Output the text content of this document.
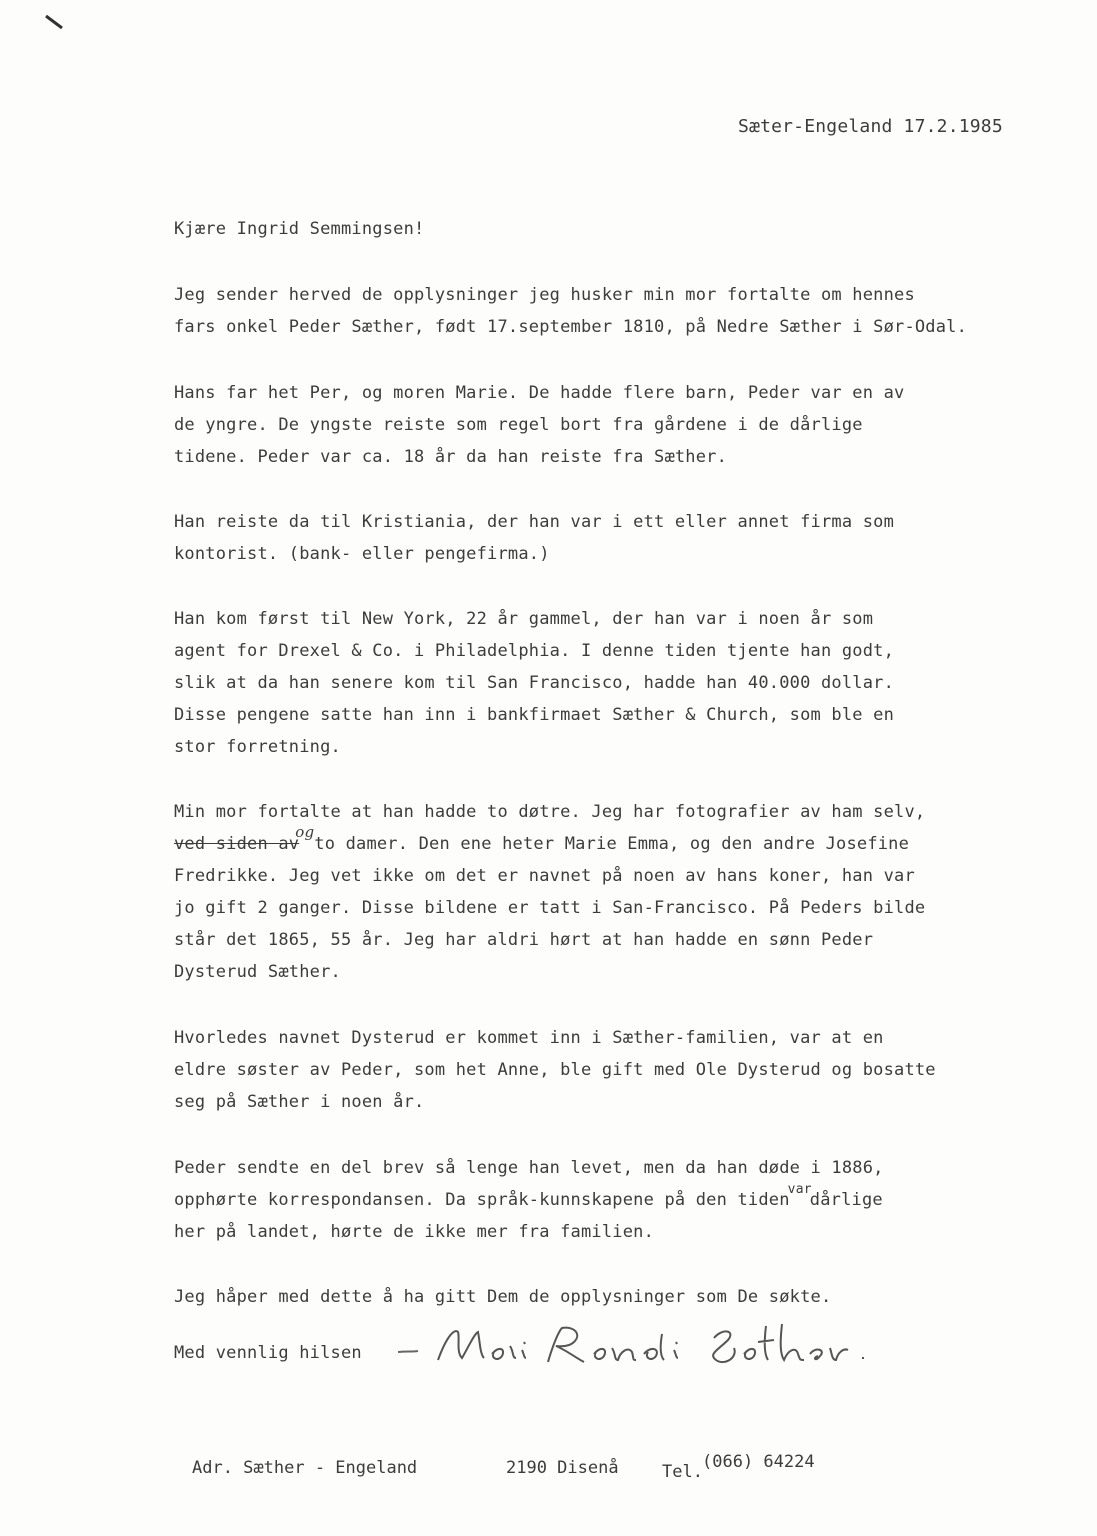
Sæter-Engeland 17.2.1985
Kjære Ingrid Semmingsen!
Jeg sender herved de opplysninger jeg husker min mor fortalte om hennes
fars onkel Peder Sæther, født 17.september 1810, på Nedre Sæther i Sør-Odal.
Hans far het Per, og moren Marie. De hadde flere barn, Peder var en av
de yngre. De yngste reiste som regel bort fra gårdene i de dårlige
tidene. Peder var ca. 18 år da han reiste fra Sæther.
Han reiste da til Kristiania, der han var i ett eller annet firma som
kontorist. (bank- eller pengefirma.)
Han kom først til New York, 22 år gammel, der han var i noen år som
agent for Drexel & Co. i Philadelphia. I denne tiden tjente han godt,
slik at da han senere kom til San Francisco, hadde han 40.000 dollar.
Disse pengene satte han inn i bankfirmaet Sæther & Church, som ble en
stor forretning.
Min mor fortalte at han hadde to døtre. Jeg har fotografier av ham selv,
ved siden avogto damer. Den ene heter Marie Emma, og den andre Josefine
Fredrikke. Jeg vet ikke om det er navnet på noen av hans koner, han var
jo gift 2 ganger. Disse bildene er tatt i San-Francisco. På Peders bilde
står det 1865, 55 år. Jeg har aldri hørt at han hadde en sønn Peder
Dysterud Sæther.
Hvorledes navnet Dysterud er kommet inn i Sæther-familien, var at en
eldre søster av Peder, som het Anne, ble gift med Ole Dysterud og bosatte
seg på Sæther i noen år.
Peder sendte en del brev så lenge han levet, men da han døde i 1886,
opphørte korrespondansen. Da språk-kunnskapene på den tiden$^{var}$dårlige
her på landet, hørte de ikke mer fra familien.
Jeg håper med dette å ha gitt Dem de opplysninger som De søkte.
Med vennlig hilsen
Adr. Sæther - Engeland	2190 Disenå	Tel. (066) 64224
